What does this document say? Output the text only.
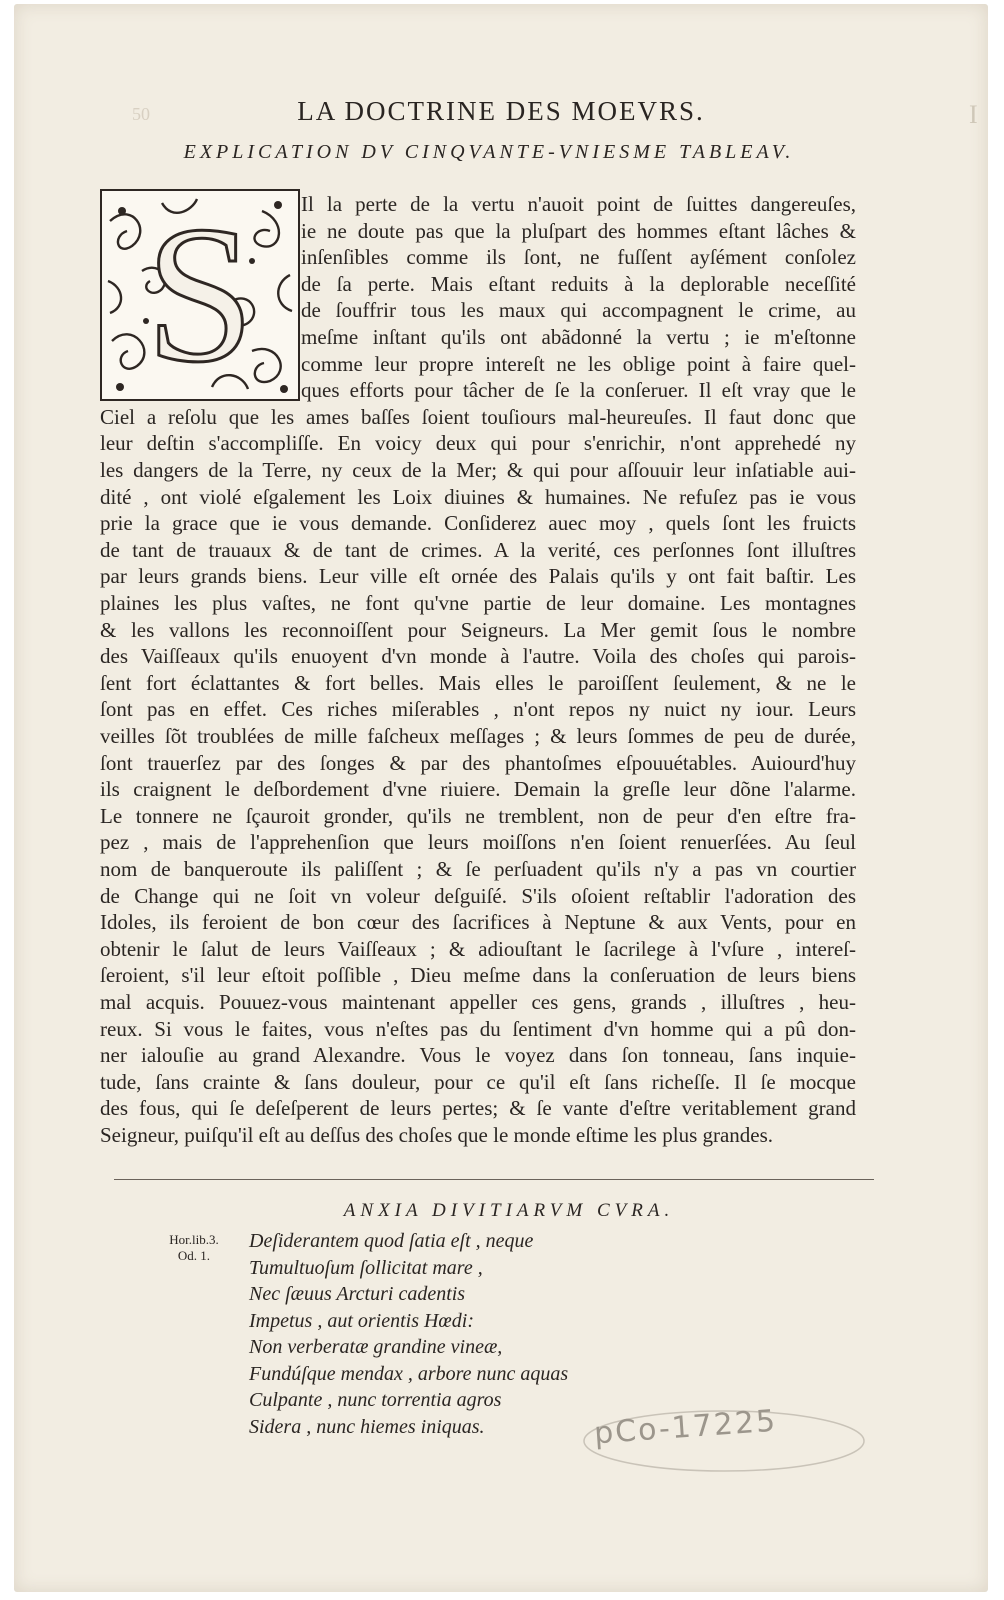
50	I
LA DOCTRINE DES MOEVRS.
EXPLICATION DV CINQVANTE-VNIESME TABLEAV.
S	Il la perte de la vertu n'auoit point de ſuittes dangereuſes,
ie ne doute pas que la pluſpart des hommes eſtant lâches &
inſenſibles comme ils ſont, ne fuſſent ayſément conſolez
de ſa perte. Mais eſtant reduits à la deplorable neceſſité
de ſouffrir tous les maux qui accompagnent le crime, au
meſme inſtant qu'ils ont abãdonné la vertu ; ie m'eſtonne
comme leur propre intereſt ne les oblige point à faire quel-
ques efforts pour tâcher de ſe la conſeruer. Il eſt vray que le
Ciel a reſolu que les ames baſſes ſoient touſiours mal-heureuſes. Il faut donc que
leur deſtin s'accompliſſe. En voicy deux qui pour s'enrichir, n'ont apprehedé ny
les dangers de la Terre, ny ceux de la Mer; & qui pour aſſouuir leur inſatiable aui-
dité , ont violé eſgalement les Loix diuines & humaines. Ne refuſez pas ie vous
prie la grace que ie vous demande. Conſiderez auec moy , quels ſont les fruicts
de tant de trauaux & de tant de crimes. A la verité, ces perſonnes ſont illuſtres
par leurs grands biens. Leur ville eſt ornée des Palais qu'ils y ont fait baſtir. Les
plaines les plus vaſtes, ne font qu'vne partie de leur domaine. Les montagnes
& les vallons les reconnoiſſent pour Seigneurs. La Mer gemit ſous le nombre
des Vaiſſeaux qu'ils enuoyent d'vn monde à l'autre. Voila des choſes qui parois-
ſent fort éclattantes & fort belles. Mais elles le paroiſſent ſeulement, & ne le
ſont pas en effet. Ces riches miſerables , n'ont repos ny nuict ny iour. Leurs
veilles ſõt troublées de mille faſcheux meſſages ; & leurs ſommes de peu de durée,
ſont trauerſez par des ſonges & par des phantoſmes eſpouuétables. Auiourd'huy
ils craignent le deſbordement d'vne riuiere. Demain la greſle leur dõne l'alarme.
Le tonnere ne ſçauroit gronder, qu'ils ne tremblent, non de peur d'en eſtre fra-
pez , mais de l'apprehenſion que leurs moiſſons n'en ſoient renuerſées. Au ſeul
nom de banqueroute ils paliſſent ; & ſe perſuadent qu'ils n'y a pas vn courtier
de Change qui ne ſoit vn voleur deſguiſé. S'ils oſoient reſtablir l'adoration des
Idoles, ils feroient de bon cœur des ſacrifices à Neptune & aux Vents, pour en
obtenir le ſalut de leurs Vaiſſeaux ; & adiouſtant le ſacrilege à l'vſure , intereſ-
ſeroient, s'il leur eſtoit poſſible , Dieu meſme dans la conſeruation de leurs biens
mal acquis. Pouuez-vous maintenant appeller ces gens, grands , illuſtres , heu-
reux. Si vous le faites, vous n'eſtes pas du ſentiment d'vn homme qui a pû don-
ner ialouſie au grand Alexandre. Vous le voyez dans ſon tonneau, ſans inquie-
tude, ſans crainte & ſans douleur, pour ce qu'il eſt ſans richeſſe. Il ſe mocque
des fous, qui ſe deſeſperent de leurs pertes; & ſe vante d'eſtre veritablement grand
Seigneur, puiſqu'il eſt au deſſus des choſes que le monde eſtime les plus grandes.
ANXIA DIVITIARVM CVRA.
Hor.lib.3.
Od. 1.
Deſiderantem quod ſatia eſt , neque
Tumultuoſum ſollicitat mare ,
Nec ſæuus Arcturi cadentis
Impetus , aut orientis Hœdi:
Non verberatæ grandine vineæ,
Fundúſque mendax , arbore nunc aquas
Culpante , nunc torrentia agros
Sidera , nunc hiemes iniquas.	pCo-17225
